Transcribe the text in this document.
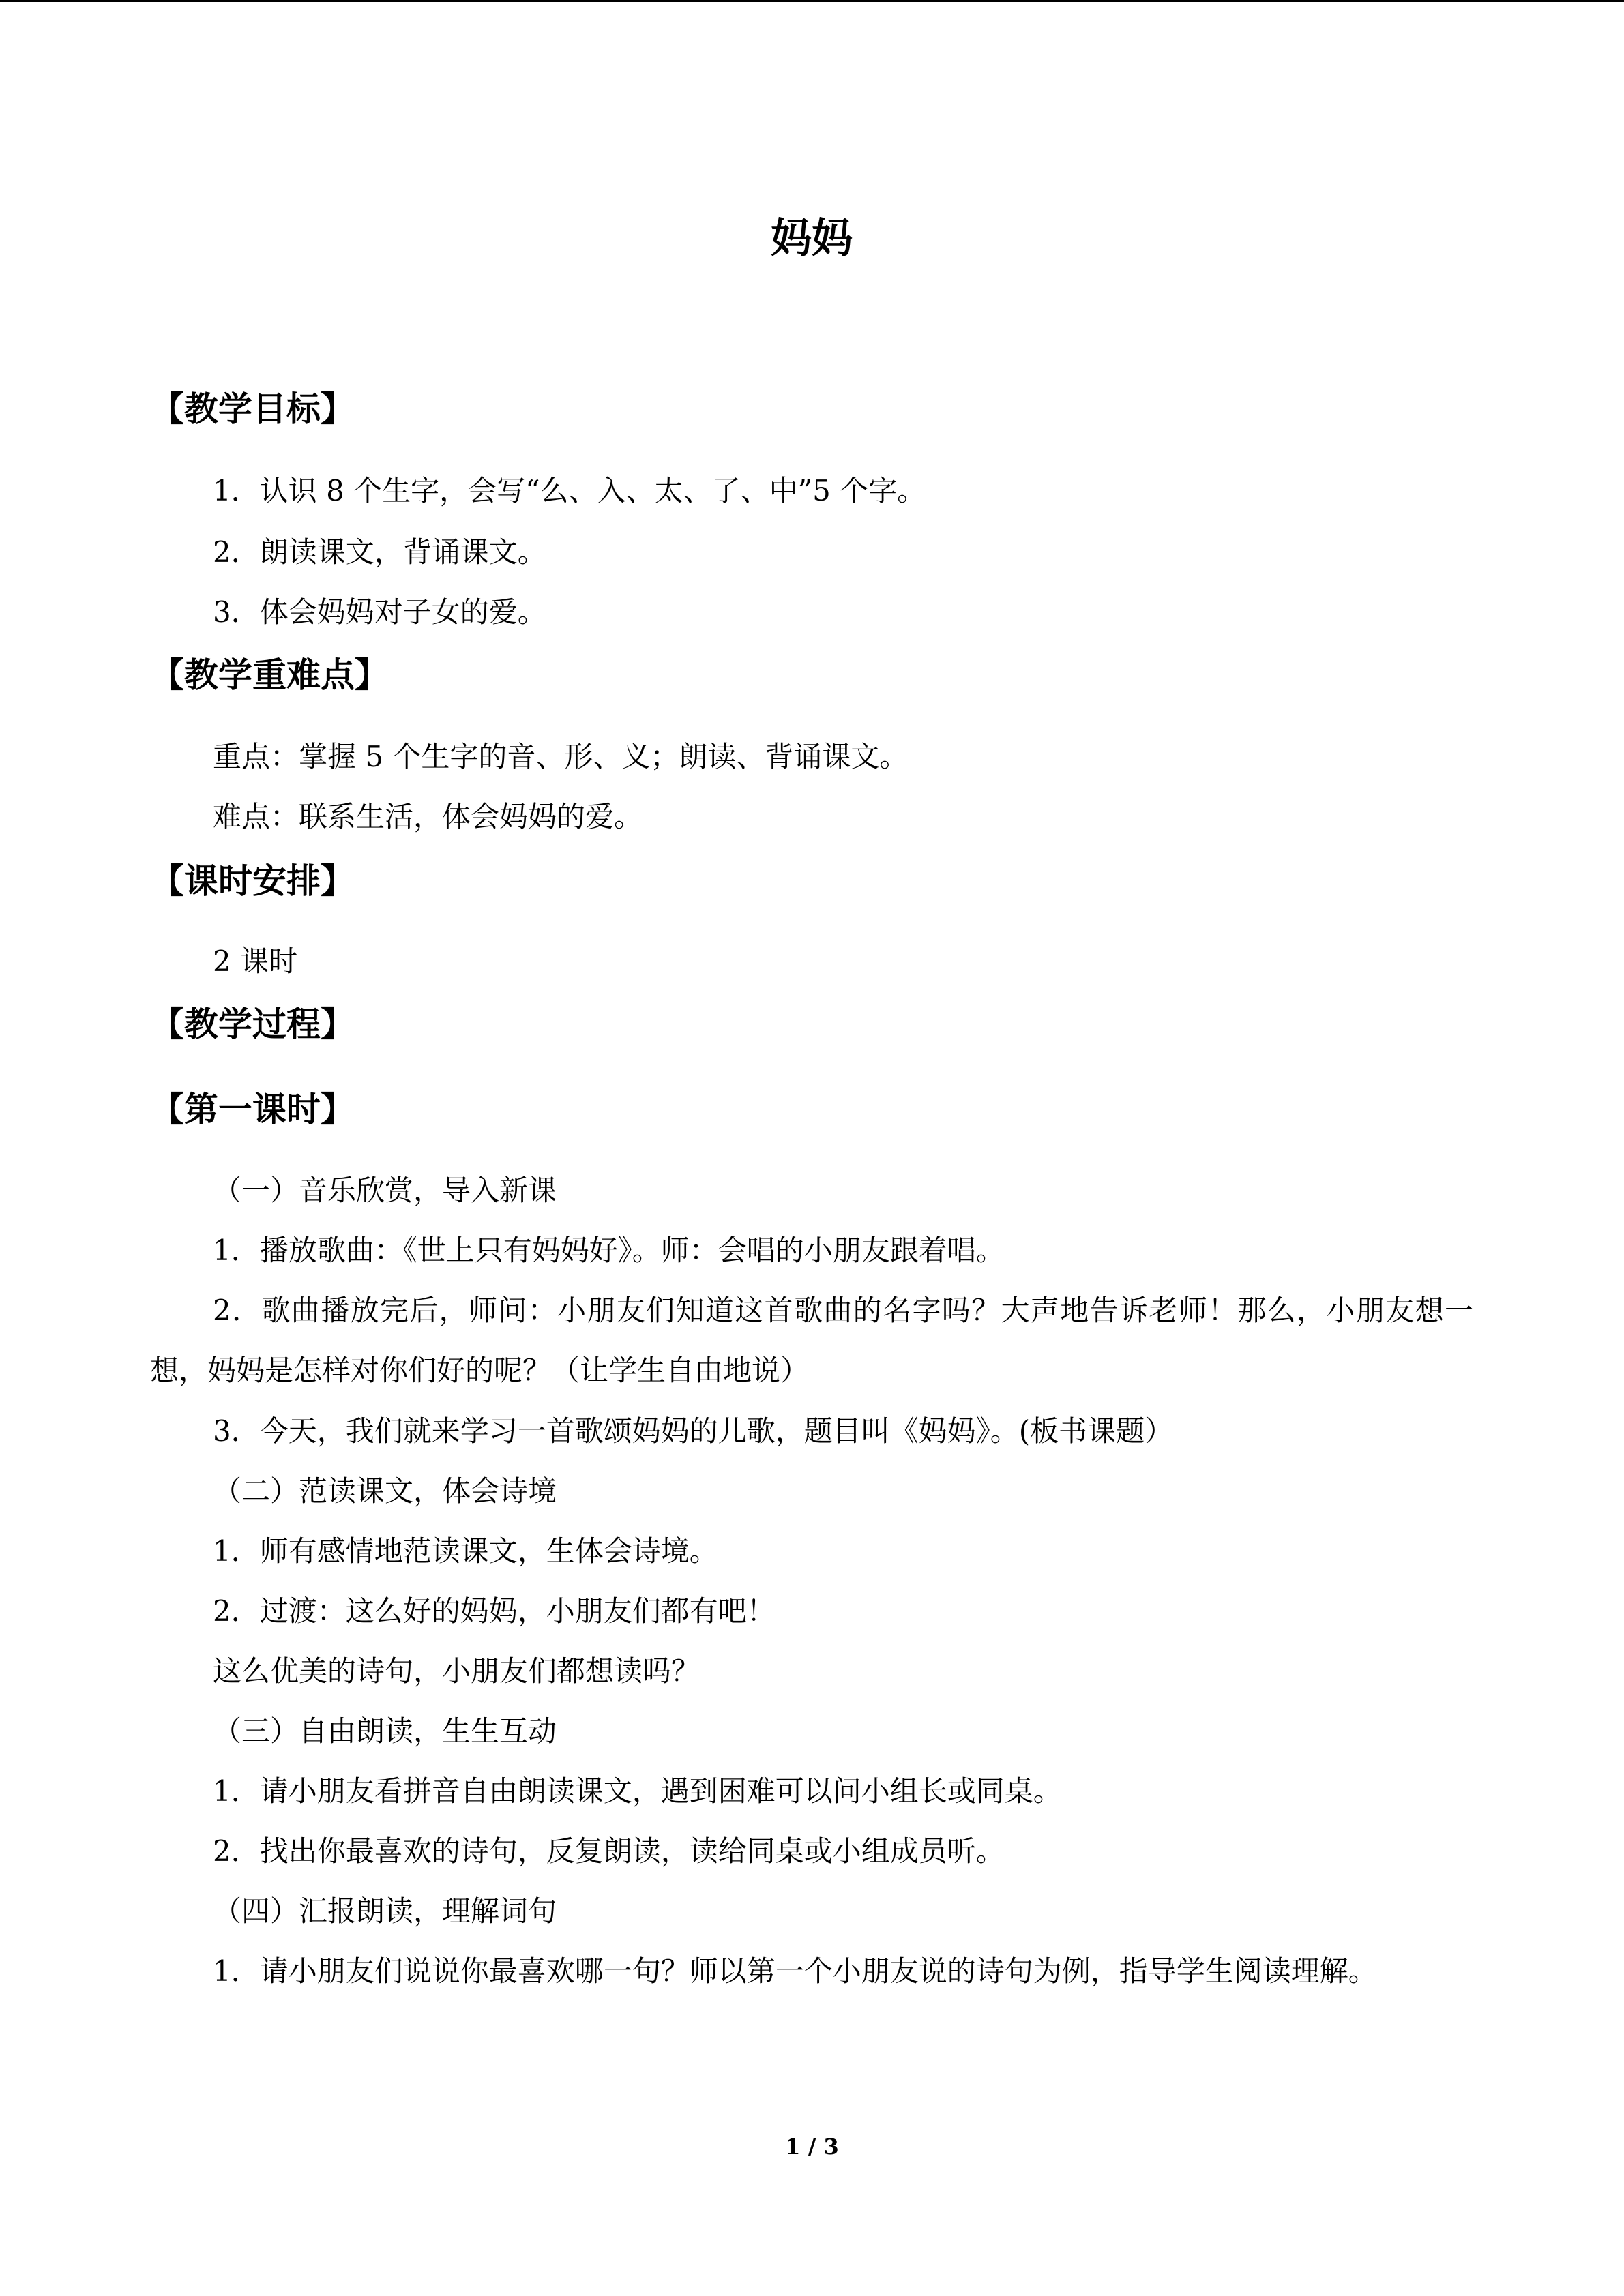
妈妈
【教学目标】
1．认识 8 个生字，会写“么、入、太、了、中”5 个字。
2．朗读课文，背诵课文。
3．体会妈妈对子女的爱。
【教学重难点】
重点：掌握 5 个生字的音、形、义；朗读、背诵课文。
难点：联系生活，体会妈妈的爱。
【课时安排】
2 课时
【教学过程】
【第一课时】
（一）音乐欣赏，导入新课
1．播放歌曲：《世上只有妈妈好》。师：会唱的小朋友跟着唱。
2．歌曲播放完后，师问：小朋友们知道这首歌曲的名字吗？大声地告诉老师！那么，小朋友想一想，妈妈是怎样对你们好的呢？（让学生自由地说）
3．今天，我们就来学习一首歌颂妈妈的儿歌，题目叫《妈妈》。(板书课题）
（二）范读课文，体会诗境
1．师有感情地范读课文，生体会诗境。
2．过渡：这么好的妈妈，小朋友们都有吧！
这么优美的诗句，小朋友们都想读吗？
（三）自由朗读，生生互动
1．请小朋友看拼音自由朗读课文，遇到困难可以问小组长或同桌。
2．找出你最喜欢的诗句，反复朗读，读给同桌或小组成员听。
（四）汇报朗读，理解词句
1．请小朋友们说说你最喜欢哪一句？师以第一个小朋友说的诗句为例，指导学生阅读理解。
1 / 3
